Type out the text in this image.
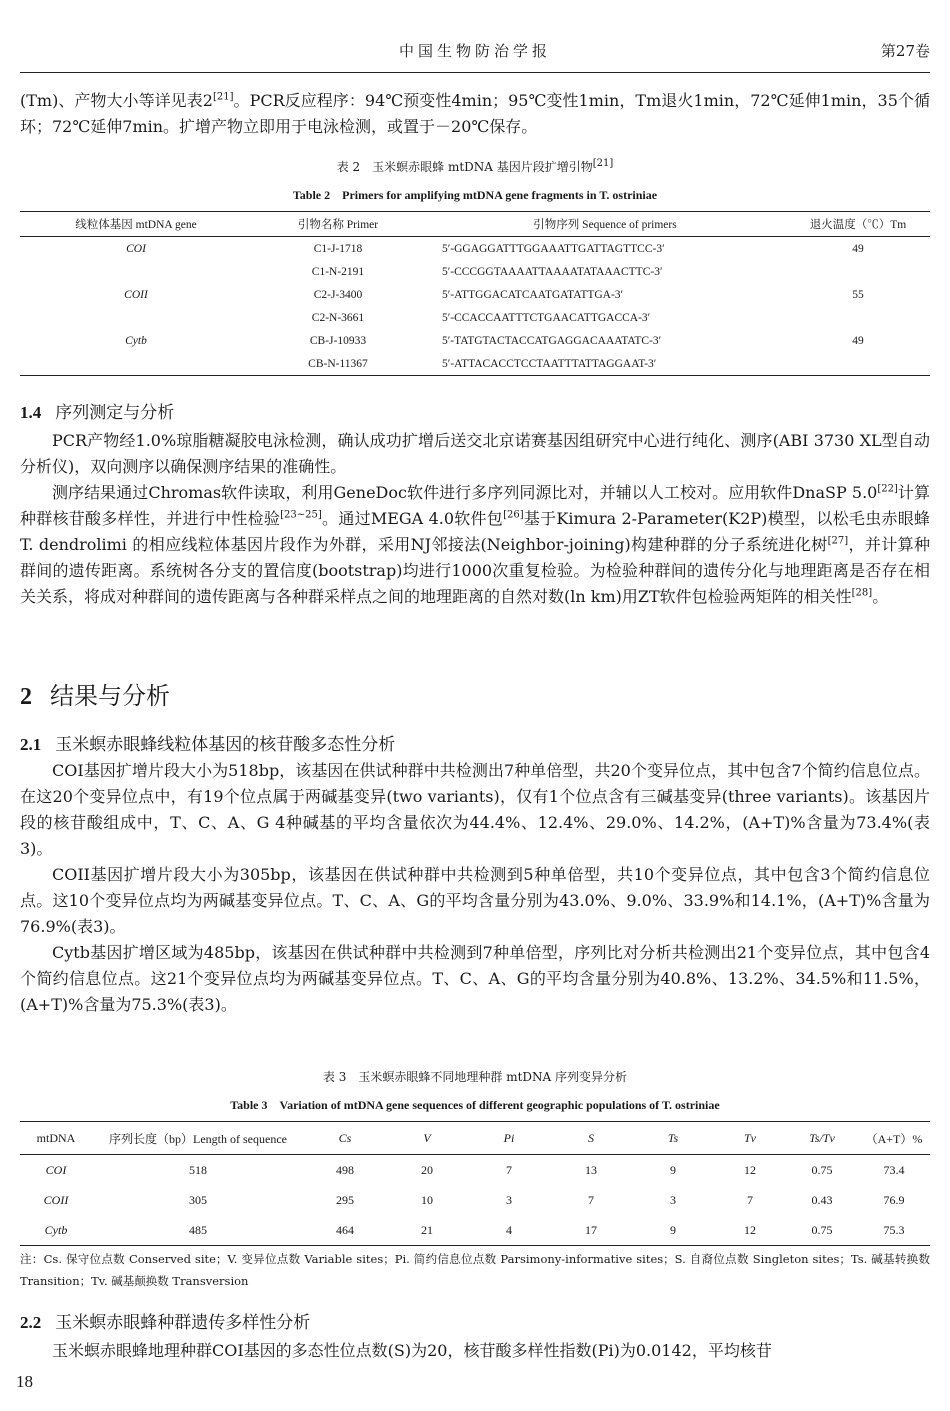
中国生物防治学报	第27卷

(Tm)、产物大小等详见表2[21]。PCR反应程序：94℃预变性4min；95℃变性1min，Tm退火1min，72℃延伸1min，35个循环；72℃延伸7min。扩增产物立即用于电泳检测，或置于－20℃保存。

表 2　玉米螟赤眼蜂 mtDNA 基因片段扩增引物[21]
Table 2　Primers for amplifying mtDNA gene fragments in T. ostriniae
线粒体基因 mtDNA gene	引物名称 Primer	引物序列 Sequence of primers	退火温度（℃）Tm
COI	C1-J-1718	5′-GGAGGATTTGGAAATTGATTAGTTCC-3′	49
	C1-N-2191	5′-CCCGGTAAAATTAAAATATAAACTTC-3′	
COII	C2-J-3400	5′-ATTGGACATCAATGATATTGA-3′	55
	C2-N-3661	5′-CCACCAATTTCTGAACATTGACCA-3′	
Cytb	CB-J-10933	5′-TATGTACTACCATGAGGACAAATATC-3′	49
	CB-N-11367	5′-ATTACACCTCCTAATTTATTAGGAAT-3′	
1.4 序列测定与分析

PCR产物经1.0%琼脂糖凝胶电泳检测，确认成功扩增后送交北京诺赛基因组研究中心进行纯化、测序(ABI 3730 XL型自动分析仪)，双向测序以确保测序结果的准确性。

测序结果通过Chromas软件读取，利用GeneDoc软件进行多序列同源比对，并辅以人工校对。应用软件DnaSP 5.0[22]计算种群核苷酸多样性，并进行中性检验[23~25]。通过MEGA 4.0软件包[26]基于Kimura 2-Parameter(K2P)模型，以松毛虫赤眼蜂 T. dendrolimi 的相应线粒体基因片段作为外群，采用NJ邻接法(Neighbor-joining)构建种群的分子系统进化树[27]，并计算种群间的遗传距离。系统树各分支的置信度(bootstrap)均进行1000次重复检验。为检验种群间的遗传分化与地理距离是否存在相关关系，将成对种群间的遗传距离与各种群采样点之间的地理距离的自然对数(ln km)用ZT软件包检验两矩阵的相关性[28]。

2 结果与分析
2.1 玉米螟赤眼蜂线粒体基因的核苷酸多态性分析

COI基因扩增片段大小为518bp，该基因在供试种群中共检测出7种单倍型，共20个变异位点，其中包含7个简约信息位点。在这20个变异位点中，有19个位点属于两碱基变异(two variants)，仅有1个位点含有三碱基变异(three variants)。该基因片段的核苷酸组成中，T、C、A、G 4种碱基的平均含量依次为44.4%、12.4%、29.0%、14.2%，(A+T)%含量为73.4%(表3)。

COII基因扩增片段大小为305bp，该基因在供试种群中共检测到5种单倍型，共10个变异位点，其中包含3个简约信息位点。这10个变异位点均为两碱基变异位点。T、C、A、G的平均含量分别为43.0%、9.0%、33.9%和14.1%，(A+T)%含量为76.9%(表3)。

Cytb基因扩增区域为485bp，该基因在供试种群中共检测到7种单倍型，序列比对分析共检测出21个变异位点，其中包含4个简约信息位点。这21个变异位点均为两碱基变异位点。T、C、A、G的平均含量分别为40.8%、13.2%、34.5%和11.5%，(A+T)%含量为75.3%(表3)。

表 3　玉米螟赤眼蜂不同地理种群 mtDNA 序列变异分析
Table 3　Variation of mtDNA gene sequences of different geographic populations of T. ostriniae
mtDNA	序列长度（bp）Length of sequence	Cs	V	Pi	S	Ts	Tv	Ts/Tv	（A+T）%
COI	518	498	20	7	13	9	12	0.75	73.4
COII	305	295	10	3	7	3	7	0.43	76.9
Cytb	485	464	21	4	17	9	12	0.75	75.3
注：Cs. 保守位点数 Conserved site；V. 变异位点数 Variable sites；Pi. 简约信息位点数 Parsimony-informative sites；S. 自裔位点数 Singleton sites；Ts. 碱基转换数 Transition；Tv. 碱基颠换数 Transversion
2.2 玉米螟赤眼蜂种群遗传多样性分析

玉米螟赤眼蜂地理种群COI基因的多态性位点数(S)为20，核苷酸多样性指数(Pi)为0.0142，平均核苷

18
